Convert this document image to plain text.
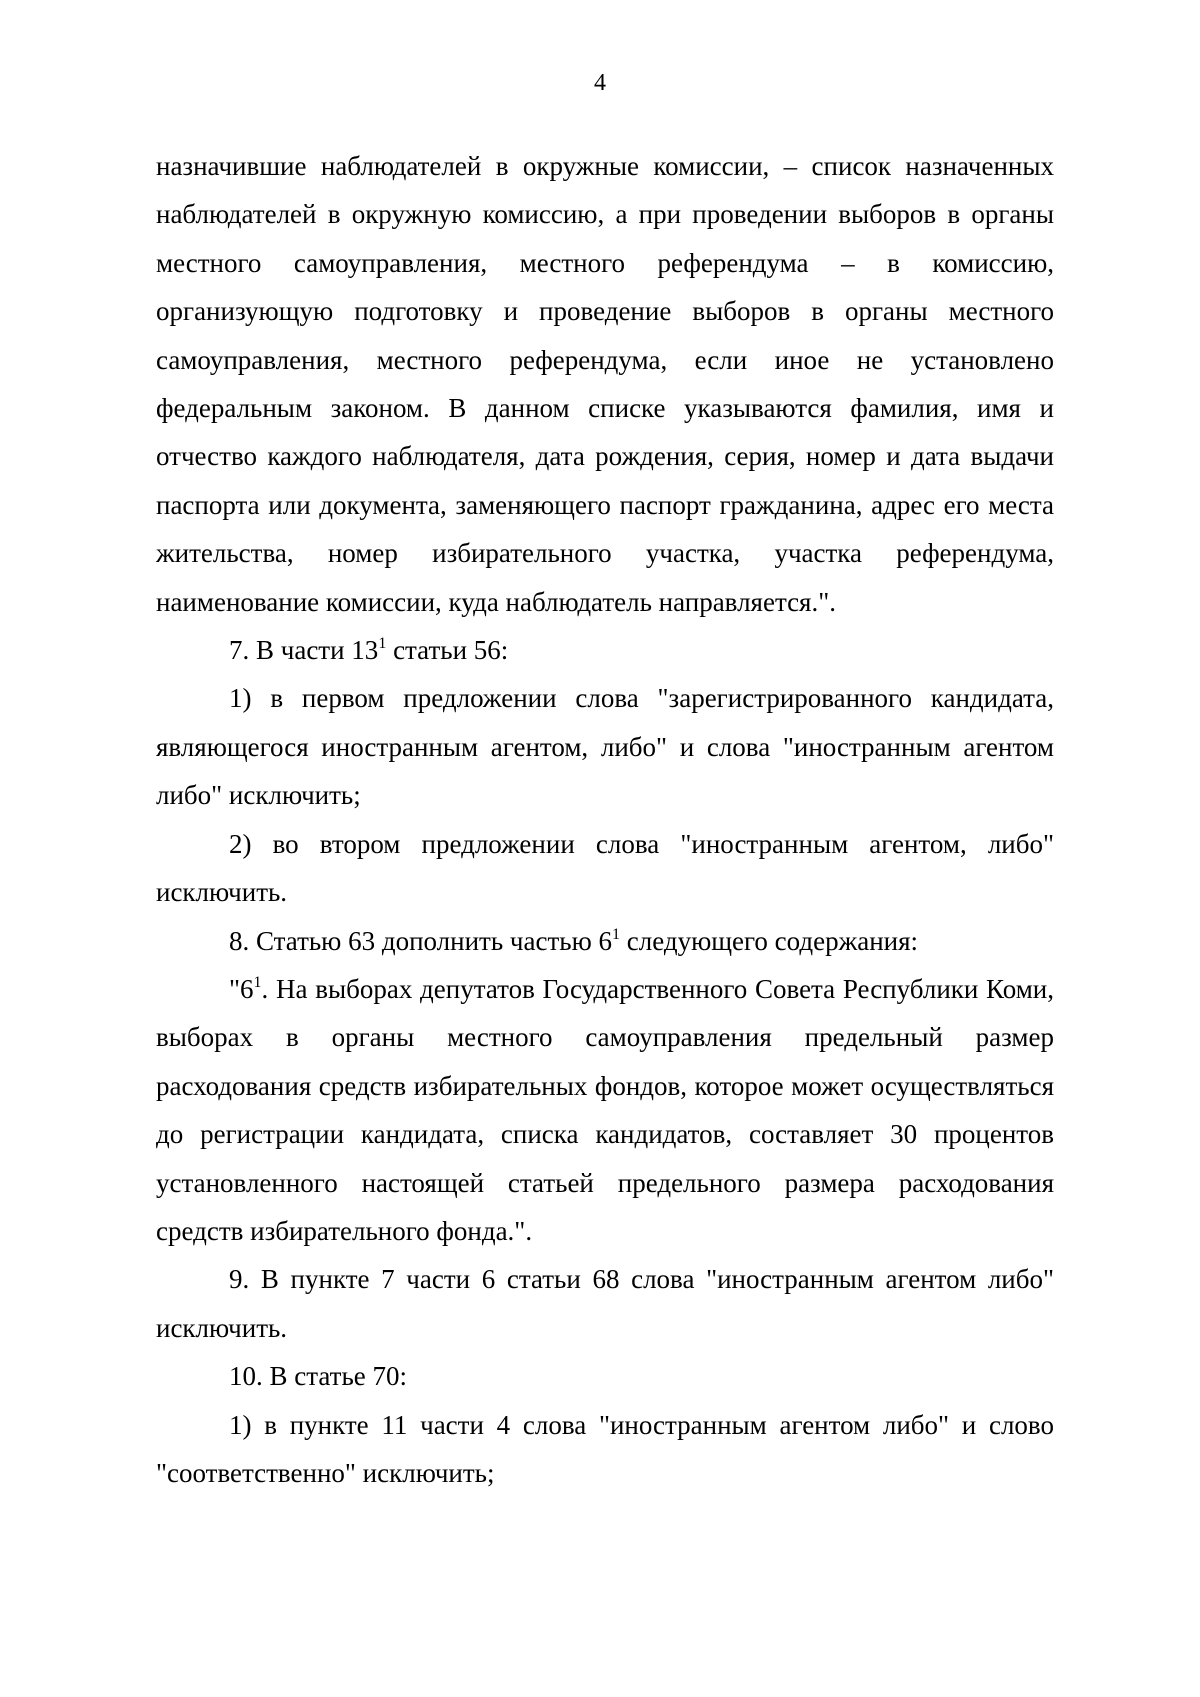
4

назначившие наблюдателей в окружные комиссии, – список назначенных наблюдателей в окружную комиссию, а при проведении выборов в органы местного самоуправления, местного референдума – в комиссию, организующую подготовку и проведение выборов в органы местного самоуправления, местного референдума, если иное не установлено федеральным законом. В данном списке указываются фамилия, имя и отчество каждого наблюдателя, дата рождения, серия, номер и дата выдачи паспорта или документа, заменяющего паспорт гражданина, адрес его места жительства, номер избирательного участка, участка референдума, наименование комиссии, куда наблюдатель направляется.".

7. В части $13^1$ статьи 56:

1) в первом предложении слова "зарегистрированного кандидата, являющегося иностранным агентом, либо" и слова "иностранным агентом либо" исключить;

2) во втором предложении слова "иностранным агентом, либо" исключить.

8. Статью 63 дополнить частью $6^1$ следующего содержания:

"$6^1$. На выборах депутатов Государственного Совета Республики Коми, выборах в органы местного самоуправления предельный размер расходования средств избирательных фондов, которое может осуществляться до регистрации кандидата, списка кандидатов, составляет 30 процентов установленного настоящей статьей предельного размера расходования средств избирательного фонда.".

9. В пункте 7 части 6 статьи 68 слова "иностранным агентом либо" исключить.

10. В статье 70:

1) в пункте 11 части 4 слова "иностранным агентом либо" и слово "соответственно" исключить;
